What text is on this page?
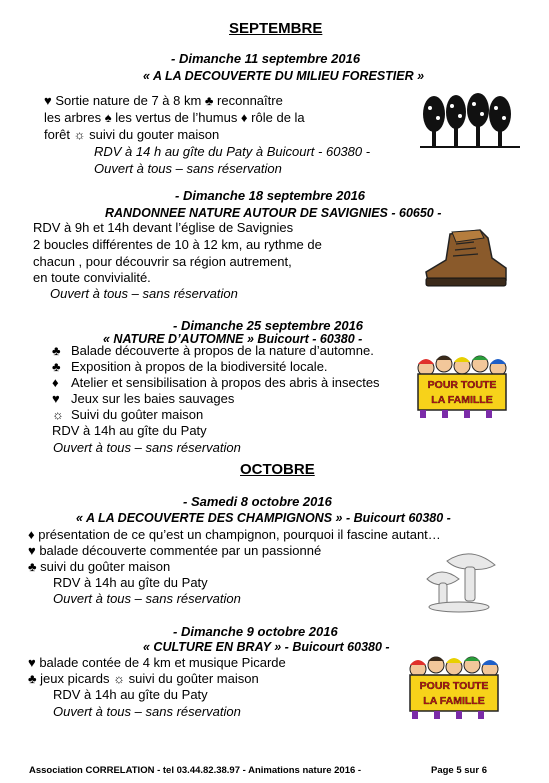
SEPTEMBRE
- Dimanche 11 septembre 2016
« A LA DECOUVERTE DU MILIEU FORESTIER »
♥ Sortie nature de 7 à 8 km ♣ reconnaître
les arbres ♠ les vertus de l’humus ♦ rôle de la
forêt ☼ suivi du gouter maison
RDV à 14 h au gîte du Paty à Buicourt - 60380 -
Ouvert à tous – sans réservation
- Dimanche 18 septembre 2016
RANDONNEE NATURE AUTOUR DE SAVIGNIES - 60650 -
RDV à 9h et 14h devant l’église de Savignies
2 boucles différentes de 10 à 12 km, au rythme de
chacun , pour découvrir sa région autrement,
en toute convivialité.
Ouvert à tous – sans réservation
- Dimanche 25 septembre 2016
« NATURE D’AUTOMNE » Buicourt - 60380 -
♣ Balade découverte à propos de la nature d’automne.
♣ Exposition à propos de la biodiversité locale.
♦ Atelier et sensibilisation à propos des abris à insectes
♥ Jeux sur les baies sauvages
☼ Suivi du goûter maison
RDV à 14h au gîte du Paty
Ouvert à tous – sans réservation
POUR TOUTE
LA FAMILLE
OCTOBRE
- Samedi 8 octobre 2016
« A LA DECOUVERTE DES CHAMPIGNONS » - Buicourt 60380 -
♦ présentation de ce qu’est un champignon, pourquoi il fascine autant…
♥ balade découverte commentée par un passionné
♣ suivi du goûter maison
RDV à 14h au gîte du Paty
Ouvert à tous – sans réservation
- Dimanche 9 octobre 2016
« CULTURE EN BRAY » - Buicourt 60380 -
♥ balade contée de 4 km et musique Picarde
♣ jeux picards ☼ suivi du goûter maison
RDV à 14h au gîte du Paty
Ouvert à tous – sans réservation
POUR TOUTE
LA FAMILLE
Association CORRELATION - tel 03.44.82.38.97 - Animations nature 2016 -	Page 5 sur 6
